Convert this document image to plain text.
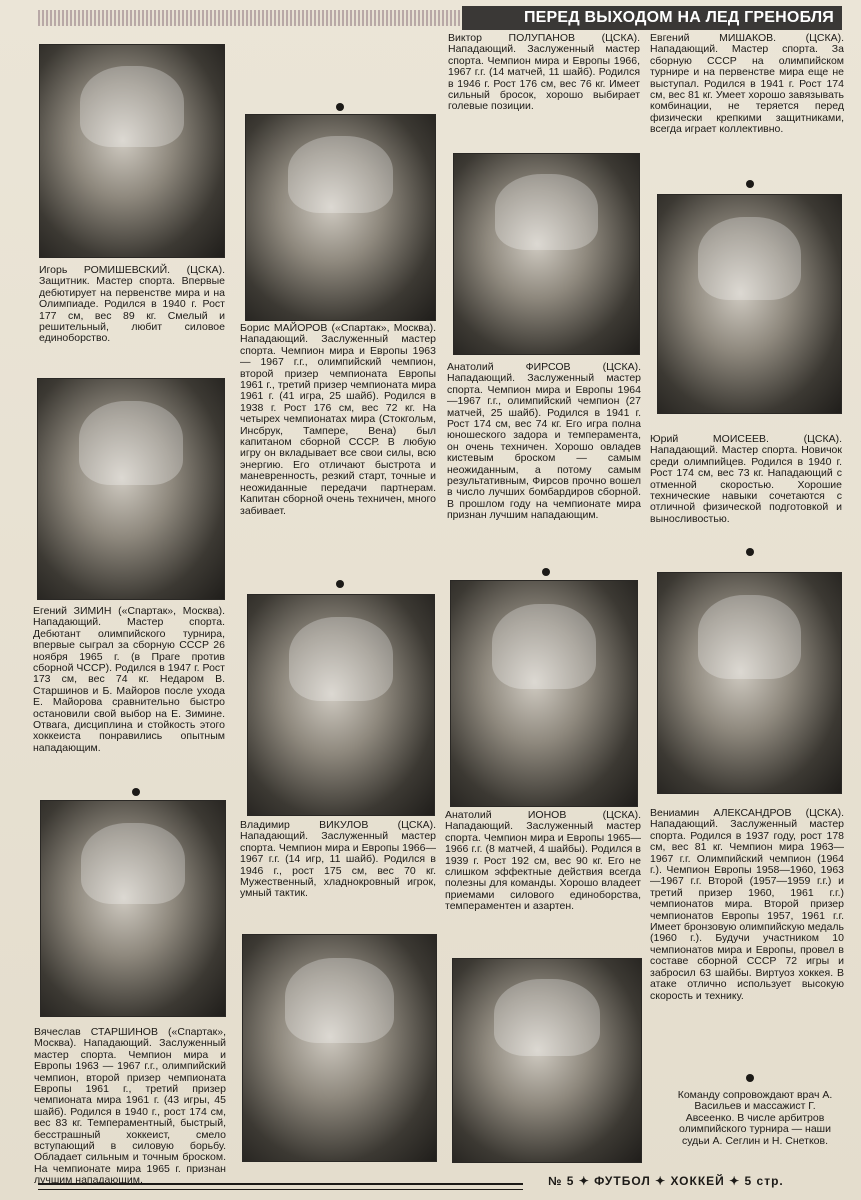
ПЕРЕД ВЫХОДОМ НА ЛЕД ГРЕНОБЛЯ
Игорь РОМИШЕВСКИЙ. (ЦСКА). Защитник. Мастер спорта. Впервые дебютирует на первенстве мира и на Олимпиаде. Родился в 1940 г. Рост 177 см, вес 89 кг. Смелый и решительный, любит силовое единоборство.
Егений ЗИМИН («Спартак», Москва). Нападающий. Мастер спорта. Дебютант олимпийского турнира, впервые сыграл за сборную СССР 26 ноября 1965 г. (в Праге против сборной ЧССР). Родился в 1947 г. Рост 173 см, вес 74 кг. Недаром В. Старшинов и Б. Майоров после ухода Е. Майорова сравнительно быстро остановили свой выбор на Е. Зимине. Отвага, дисциплина и стойкость этого хоккеиста понравились опытным нападающим.
Вячеслав СТАРШИНОВ («Спартак», Москва). Нападающий. Заслуженный мастер спорта. Чемпион мира и Европы 1963 — 1967 г.г., олимпийский чемпион, второй призер чемпионата Европы 1961 г., третий призер чемпионата мира 1961 г. (43 игры, 45 шайб). Родился в 1940 г., рост 174 см, вес 83 кг. Темпераментный, быстрый, бесстрашный хоккеист, смело вступающий в силовую борьбу. Обладает сильным и точным броском. На чемпионате мира 1965 г. признан лучшим нападающим.
Борис МАЙОРОВ («Спартак», Москва). Нападающий. Заслуженный мастер спорта. Чемпион мира и Европы 1963 — 1967 г.г., олимпийский чемпион, второй призер чемпионата Европы 1961 г., третий призер чемпионата мира 1961 г. (41 игра, 25 шайб). Родился в 1938 г. Рост 176 см, вес 72 кг. На четырех чемпионатах мира (Стокгольм, Инсбрук, Тампере, Вена) был капитаном сборной СССР. В любую игру он вкладывает все свои силы, всю энергию. Его отличают быстрота и маневренность, резкий старт, точные и неожиданные передачи партнерам. Капитан сборной очень техничен, много забивает.
Владимир ВИКУЛОВ (ЦСКА). Нападающий. Заслуженный мастер спорта. Чемпион мира и Европы 1966—1967 г.г. (14 игр, 11 шайб). Родился в 1946 г., рост 175 см, вес 70 кг. Мужественный, хладнокровный игрок, умный тактик.
Виктор ПОЛУПАНОВ (ЦСКА). Нападающий. Заслуженный мастер спорта. Чемпион мира и Европы 1966, 1967 г.г. (14 матчей, 11 шайб). Родился в 1946 г. Рост 176 см, вес 76 кг. Имеет сильный бросок, хорошо выбирает голевые позиции.
Анатолий ФИРСОВ (ЦСКА). Нападающий. Заслуженный мастер спорта. Чемпион мира и Европы 1964—1967 г.г., олимпийский чемпион (27 матчей, 25 шайб). Родился в 1941 г. Рост 174 см, вес 74 кг. Его игра полна юношеского задора и темперамента, он очень техничен. Хорошо овладев кистевым броском — самым неожиданным, а потому самым результативным, Фирсов прочно вошел в число лучших бомбардиров сборной. В прошлом году на чемпионате мира признан лучшим нападающим.
Анатолий ИОНОВ (ЦСКА). Нападающий. Заслуженный мастер спорта. Чемпион мира и Европы 1965—1966 г.г. (8 матчей, 4 шайбы). Родился в 1939 г. Рост 192 см, вес 90 кг. Его не слишком эффектные действия всегда полезны для команды. Хорошо владеет приемами силового единоборства, темпераментен и азартен.
Евгений МИШАКОВ. (ЦСКА). Нападающий. Мастер спорта. За сборную СССР на олимпийском турнире и на первенстве мира еще не выступал. Родился в 1941 г. Рост 174 см, вес 81 кг. Умеет хорошо завязывать комбинации, не теряется перед физически крепкими защитниками, всегда играет коллективно.
Юрий МОИСЕЕВ. (ЦСКА). Нападающий. Мастер спорта. Новичок среди олимпийцев. Родился в 1940 г. Рост 174 см, вес 73 кг. Нападающий с отменной скоростью. Хорошие технические навыки сочетаются с отличной физической подготовкой и выносливостью.
Вениамин АЛЕКСАНДРОВ (ЦСКА). Нападающий. Заслуженный мастер спорта. Родился в 1937 году, рост 178 см, вес 81 кг. Чемпион мира 1963—1967 г.г. Олимпийский чемпион (1964 г.). Чемпион Европы 1958—1960, 1963—1967 г.г. Второй (1957—1959 г.г.) и третий призер 1960, 1961 г.г.) чемпионатов мира. Второй призер чемпионатов Европы 1957, 1961 г.г. Имеет бронзовую олимпийскую медаль (1960 г.). Будучи участником 10 чемпионатов мира и Европы, провел в составе сборной СССР 72 игры и забросил 63 шайбы. Виртуоз хоккея. В атаке отлично использует высокую скорость и технику.
Команду сопровождают врач А. Васильев и массажист Г. Авсеенко. В числе арбитров олимпийского турнира — наши судьи А. Сеглин и Н. Снетков.
№ 5 ✦ ФУТБОЛ ✦ ХОККЕЙ ✦ 5 стр.
